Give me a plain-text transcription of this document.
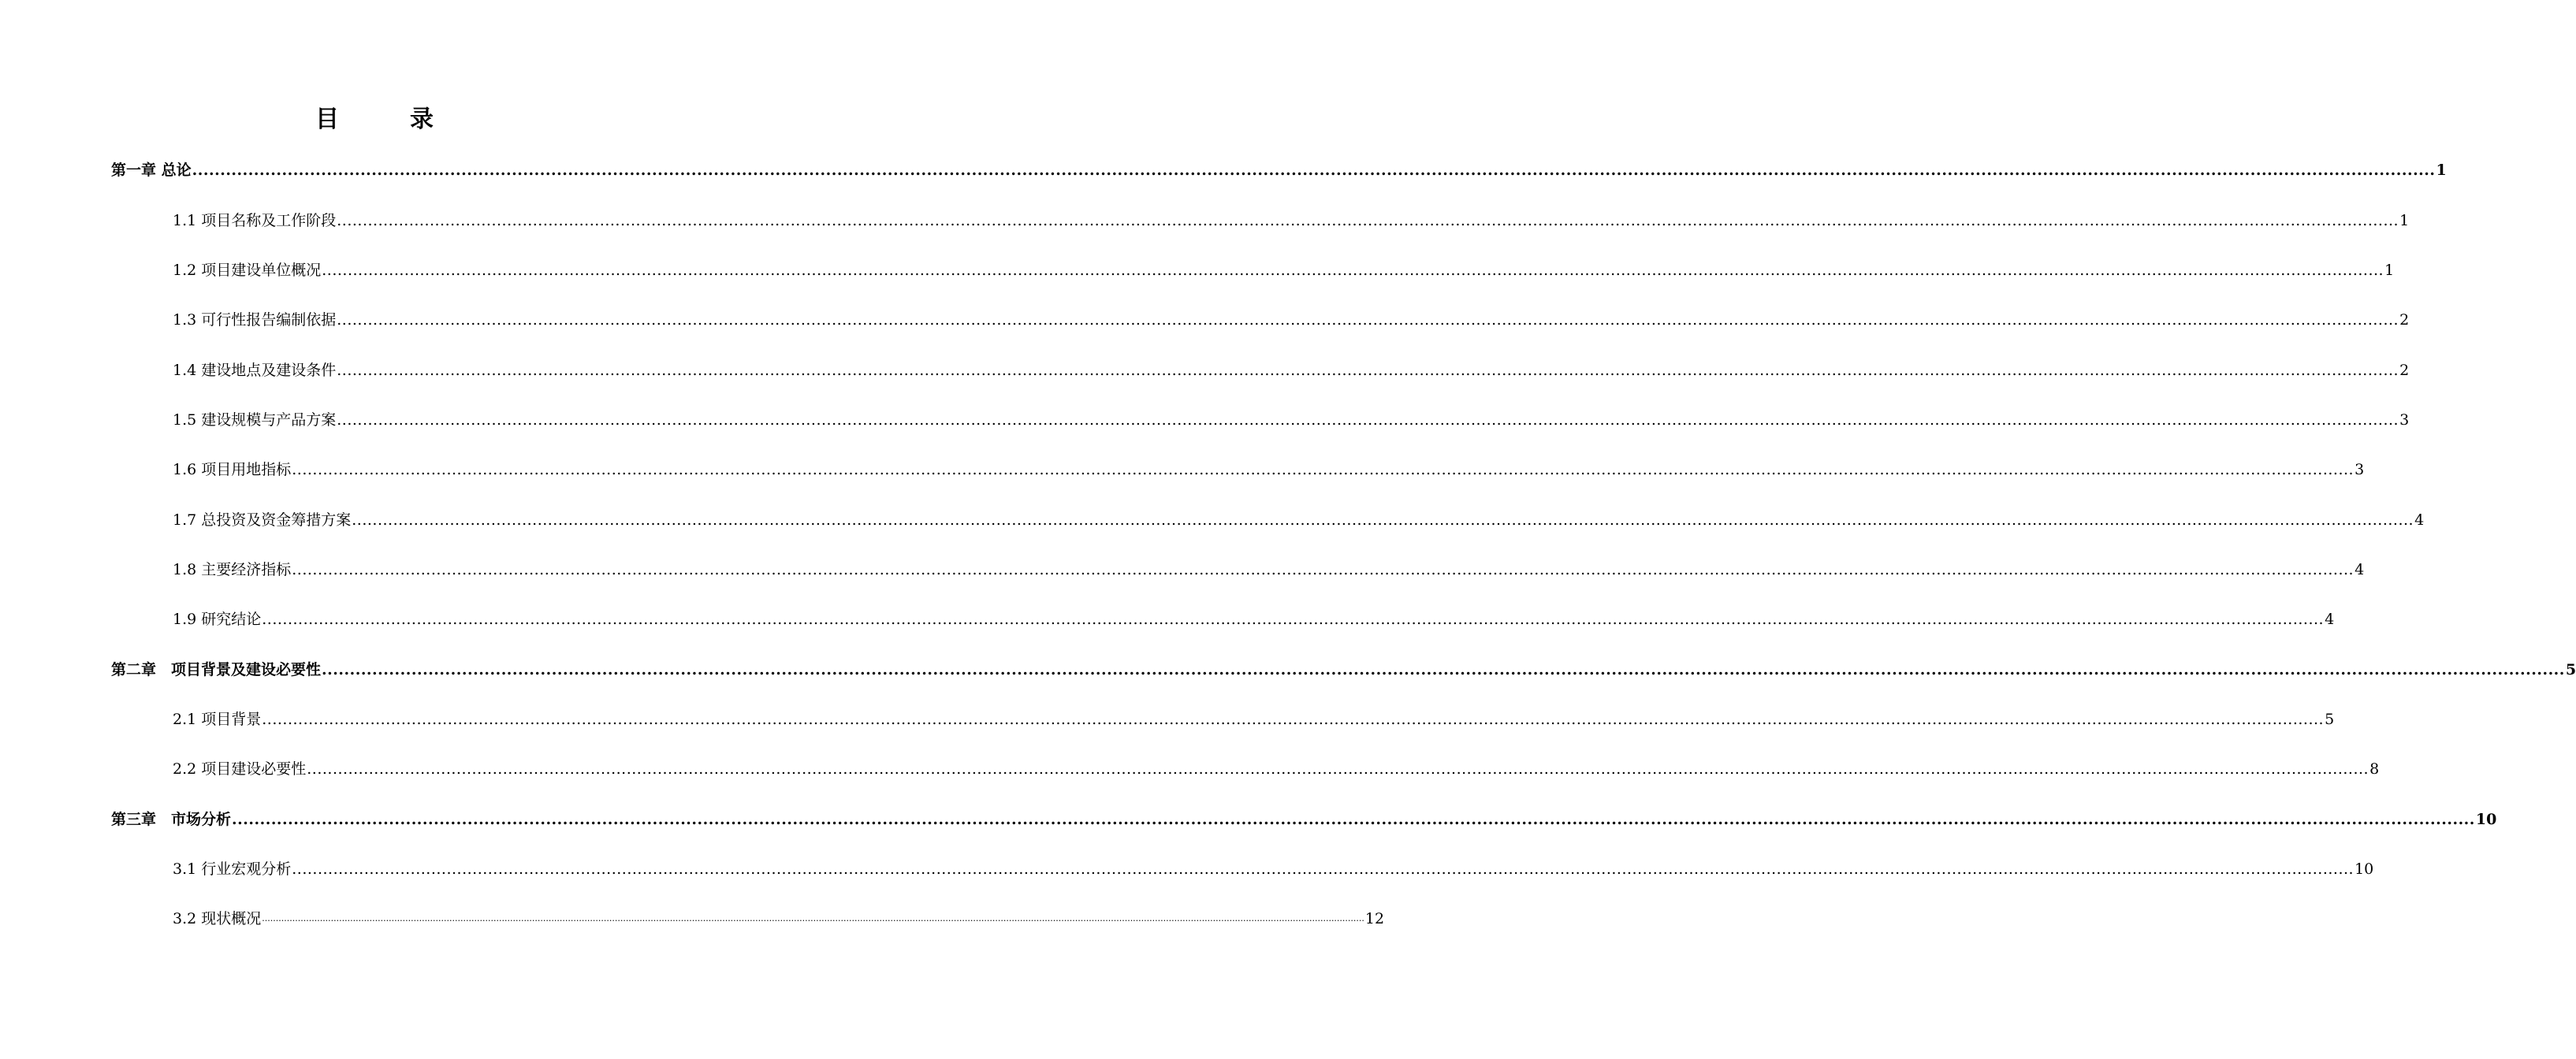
目　录
第一章 总论 ................................................................................................................................................................................................................................................................................................................................................................................................................ 1
1.1 项目名称及工作阶段 ................................................................................................................................................................................................................................................................................................................................................................................................................ 1
1.2 项目建设单位概况 ................................................................................................................................................................................................................................................................................................................................................................................................................ 1
1.3 可行性报告编制依据 ................................................................................................................................................................................................................................................................................................................................................................................................................ 2
1.4 建设地点及建设条件 ................................................................................................................................................................................................................................................................................................................................................................................................................ 2
1.5 建设规模与产品方案 ................................................................................................................................................................................................................................................................................................................................................................................................................ 3
1.6 项目用地指标 ................................................................................................................................................................................................................................................................................................................................................................................................................ 3
1.7 总投资及资金筹措方案 ................................................................................................................................................................................................................................................................................................................................................................................................................ 4
1.8 主要经济指标 ................................................................................................................................................................................................................................................................................................................................................................................................................ 4
1.9 研究结论 ................................................................................................................................................................................................................................................................................................................................................................................................................ 4
第二章　项目背景及建设必要性 ................................................................................................................................................................................................................................................................................................................................................................................................................ 5
2.1 项目背景 ................................................................................................................................................................................................................................................................................................................................................................................................................ 5
2.2 项目建设必要性 ................................................................................................................................................................................................................................................................................................................................................................................................................ 8
第三章　市场分析 ................................................................................................................................................................................................................................................................................................................................................................................................................ 10
3.1 行业宏观分析 ................................................................................................................................................................................................................................................................................................................................................................................................................ 10
3.2 现状概况 ................................................................................................................................................................................................................................................................................................................................................................................................................ 12
